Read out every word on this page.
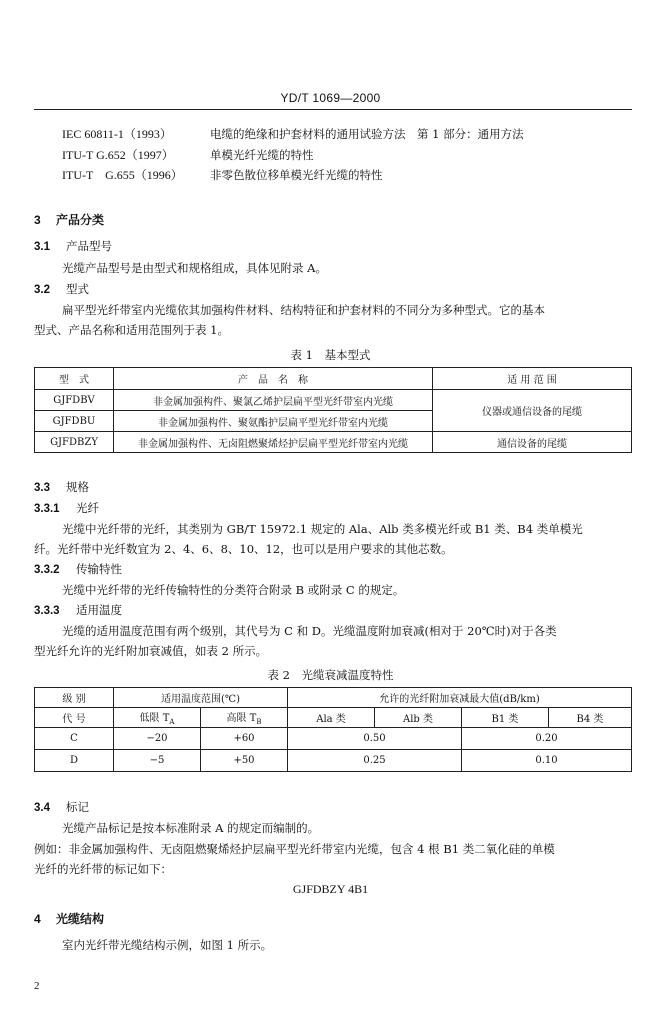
YD/T 1069—2000
IEC 60811-1（1993）	电缆的绝缘和护套材料的通用试验方法　第 1 部分：通用方法
ITU-T G.652（1997）	单模光纤光缆的特性
ITU-T　G.655（1996） 非零色散位移单模光纤光缆的特性
3 产品分类
3.1 产品型号
光缆产品型号是由型式和规格组成，具体见附录 A。
3.2 型式
扁平型光纤带室内光缆依其加强构件材料、结构特征和护套材料的不同分为多种型式。它的基本
型式、产品名称和适用范围列于表 1。
表 1　基本型式
型　式	产　品　名　称	适 用 范 围
GJFDBV	非金属加强构件、聚氯乙烯护层扁平型光纤带室内光缆	仪器或通信设备的尾缆
GJFDBU	非金属加强构件、聚氨酯护层扁平型光纤带室内光缆	
GJFDBZY	非金属加强构件、无卤阻燃聚烯烃护层扁平型光纤带室内光缆	通信设备的尾缆
3.3 规格
3.3.1 光纤
光缆中光纤带的光纤，其类别为 GB/T 15972.1 规定的 Ala、Alb 类多模光纤或 B1 类、B4 类单模光
纤。光纤带中光纤数宜为 2、4、6、8、10、12，也可以是用户要求的其他芯数。
3.3.2 传输特性
光缆中光纤带的光纤传输特性的分类符合附录 B 或附录 C 的规定。
3.3.3 适用温度
光缆的适用温度范围有两个级别，其代号为 C 和 D。光缆温度附加衰减(相对于 20℃时)对于各类
型光纤允许的光纤附加衰减值，如表 2 所示。
表 2　光缆衰减温度特性
级 别	适用温度范围(℃)		允许的光纤附加衰减最大值(dB/km)			
代 号	低限 $T_A$	高限 $T_B$	Ala 类	Alb 类	B1 类	B4 类
C	−20	+60	0.50		0.20	
D	−5	+50	0.25		0.10	
3.4 标记
光缆产品标记是按本标准附录 A 的规定而编制的。
例如：非金属加强构件、无卤阻燃聚烯烃护层扁平型光纤带室内光缆，包含 4 根 B1 类二氧化硅的单模
光纤的光纤带的标记如下：
GJFDBZY 4B1
4 光缆结构
室内光纤带光缆结构示例，如图 1 所示。
2
